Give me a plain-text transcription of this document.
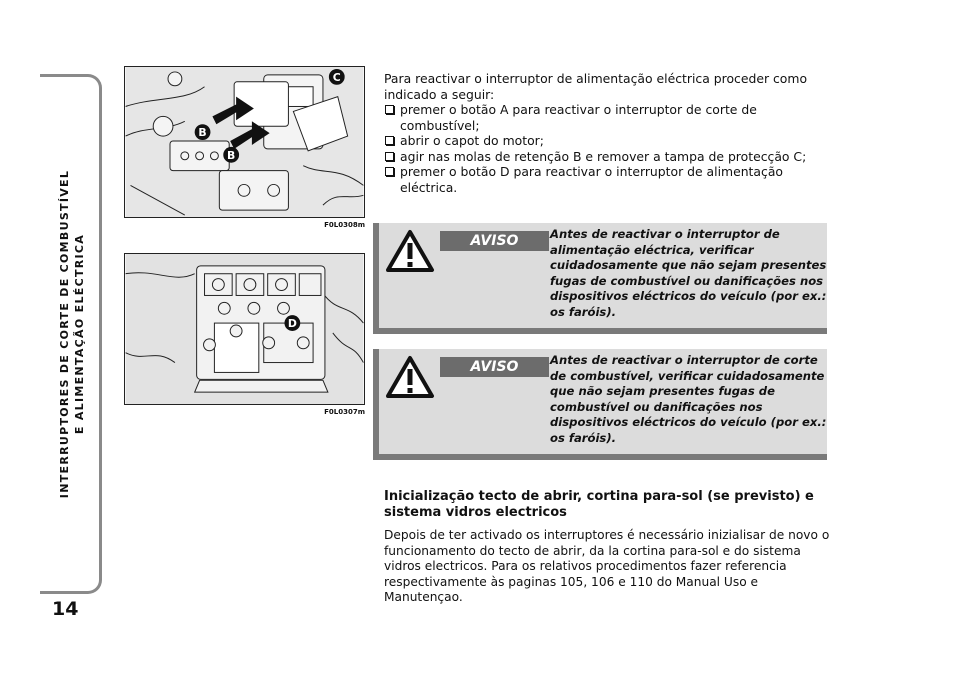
INTERRUPTORES DE CORTE DE COMBUSTÍVEL E ALIMENTAÇÃO ELÉCTRICA
14
B
B
C
F0L0308m
D
F0L0307m

Para reactivar o interruptor de alimentação eléctrica proceder como indicado a seguir:

premer o botão A para reactivar o interruptor de corte de combustível;
abrir o capot do motor;
agir nas molas de retenção B e remover a tampa de protecção C;
premer o botão D para reactivar o interruptor de alimentação eléctrica.
AVISO	Antes de reactivar o interruptor de alimentação eléctrica, verificar cuidadosamente que não sejam presentes fugas de combustível ou danificações nos dispositivos eléctricos do veículo (por ex.: os faróis).
AVISO	Antes de reactivar o interruptor de corte de combustível, verificar cuidadosamente que não sejam presentes fugas de combustível ou danificações nos dispositivos eléctricos do veículo (por ex.: os faróis).
Inicialização tecto de abrir, cortina para-sol (se previsto) e sistema vidros electricos
Depois de ter activado os interruptores é necessário inizialisar de novo o funcionamento do tecto de abrir, da la cortina para-sol e do sistema vidros electricos. Para os relativos procedimentos fazer referencia respectivamente às paginas 105, 106 e 110 do Manual Uso e Manutençao.
